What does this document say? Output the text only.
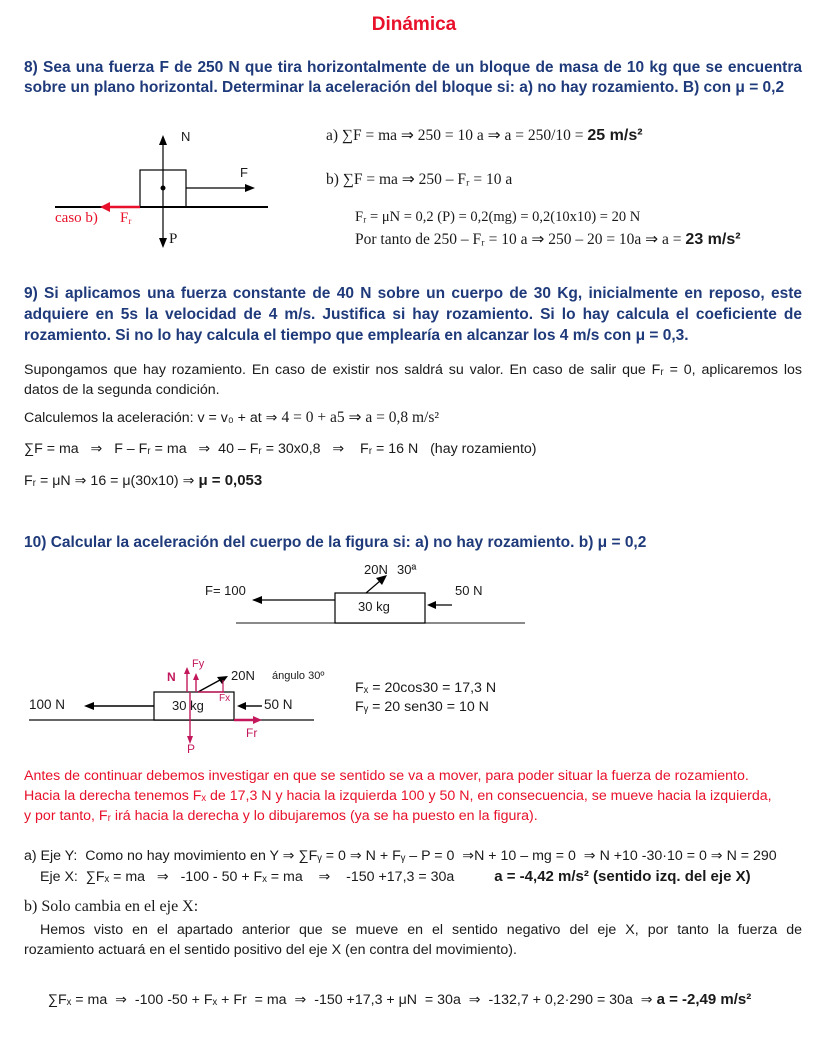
Dinámica
8) Sea una fuerza F de 250 N que tira horizontalmente de un bloque de masa de 10 kg que se encuentra
sobre un plano horizontal. Determinar la aceleración del bloque si: a) no hay rozamiento. B) con μ = 0,2
N
F
P
caso b) $F_r$
a) ∑F = ma ⇒ 250 = 10 a ⇒ a = 250/10 = 25 m/s²
b) ∑F = ma ⇒ 250 – Fᵣ = 10 a
Fᵣ = μN = 0,2 (P) = 0,2(mg) = 0,2(10x10) = 20 N
Por tanto de 250 – Fᵣ = 10 a ⇒ 250 – 20 = 10a ⇒ a = 23 m/s²
9) Si aplicamos una fuerza constante de 40 N sobre un cuerpo de 30 Kg, inicialmente en reposo, este
adquiere en 5s la velocidad de 4 m/s. Justifica si hay rozamiento. Si lo hay calcula el coeficiente de
rozamiento. Si no lo hay calcula el tiempo que emplearía en alcanzar los 4 m/s con μ = 0,3.
Supongamos que hay rozamiento. En caso de existir nos saldrá su valor. En caso de salir que Fᵣ = 0, aplicaremos los
datos de la segunda condición.
Calculemos la aceleración: v = v₀ + at ⇒ 4 = 0 + a5 ⇒ a = 0,8 m/s²
∑F = ma   ⇒   F – Fᵣ = ma   ⇒  40 – Fᵣ = 30x0,8   ⇒    Fᵣ = 16 N   (hay rozamiento)
Fᵣ = μN ⇒ 16 = μ(30x10) ⇒ μ = 0,053
10) Calcular la aceleración del cuerpo de la figura si: a) no hay rozamiento. b) μ = 0,2
20N 30ª
F= 100	50 N
30 kg
100 N	30 kg	50 N
20N ángulo 30º
N
Fy
Fx
P
Fr
Fₓ = 20cos30 = 17,3 N
Fᵧ = 20 sen30 = 10 N
Antes de continuar debemos investigar en que se sentido se va a mover, para poder situar la fuerza de rozamiento.
Hacia la derecha tenemos Fₓ de 17,3 N y hacia la izquierda 100 y 50 N, en consecuencia, se mueve hacia la izquierda,
y por tanto, Fᵣ irá hacia la derecha y lo dibujaremos (ya se ha puesto en la figura).
a) Eje Y:  Como no hay movimiento en Y ⇒ ∑Fᵧ = 0 ⇒ N + Fᵧ – P = 0  ⇒N + 10 – mg = 0  ⇒ N +10 -30·10 = 0 ⇒ N = 290
Eje X:  ∑Fₓ = ma   ⇒   -100 - 50 + Fₓ = ma    ⇒    -150 +17,3 = 30a	a = -4,42 m/s² (sentido izq. del eje X)
b) Solo cambia en el eje X:
Hemos visto en el apartado anterior que se mueve en el sentido negativo del eje X, por tanto la fuerza de
rozamiento actuará en el sentido positivo del eje X (en contra del movimiento).

∑Fₓ = ma  ⇒  -100 -50 + Fₓ + Fr  = ma  ⇒  -150 +17,3 + μN  = 30a  ⇒  -132,7 + 0,2·290 = 30a  ⇒ a = -2,49 m/s²
